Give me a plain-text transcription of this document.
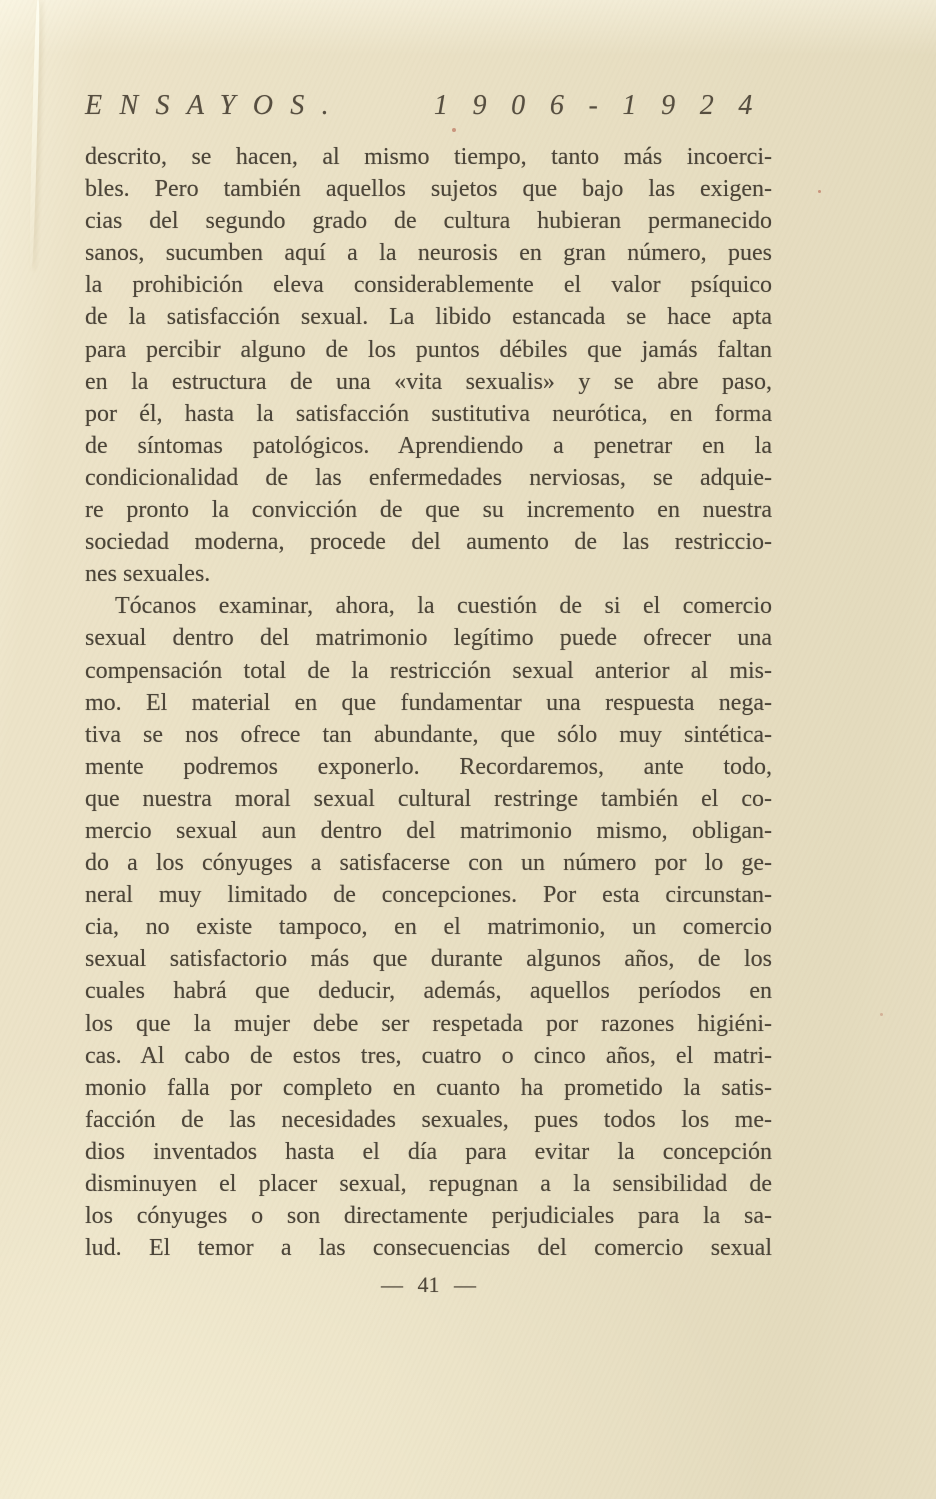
ENSAYOS.	1906-1924
descrito, se hacen, al mismo tiempo, tanto más incoerci-
bles. Pero también aquellos sujetos que bajo las exigen-
cias del segundo grado de cultura hubieran permanecido
sanos, sucumben aquí a la neurosis en gran número, pues
la prohibición eleva considerablemente el valor psíquico
de la satisfacción sexual. La libido estancada se hace apta
para percibir alguno de los puntos débiles que jamás faltan
en la estructura de una «vita sexualis» y se abre paso,
por él, hasta la satisfacción sustitutiva neurótica, en forma
de síntomas patológicos. Aprendiendo a penetrar en la
condicionalidad de las enfermedades nerviosas, se adquie-
re pronto la convicción de que su incremento en nuestra
sociedad moderna, procede del aumento de las restriccio-
nes sexuales.
Tócanos examinar, ahora, la cuestión de si el comercio
sexual dentro del matrimonio legítimo puede ofrecer una
compensación total de la restricción sexual anterior al mis-
mo. El material en que fundamentar una respuesta nega-
tiva se nos ofrece tan abundante, que sólo muy sintética-
mente podremos exponerlo. Recordaremos, ante todo,
que nuestra moral sexual cultural restringe también el co-
mercio sexual aun dentro del matrimonio mismo, obligan-
do a los cónyuges a satisfacerse con un número por lo ge-
neral muy limitado de concepciones. Por esta circunstan-
cia, no existe tampoco, en el matrimonio, un comercio
sexual satisfactorio más que durante algunos años, de los
cuales habrá que deducir, además, aquellos períodos en
los que la mujer debe ser respetada por razones higiéni-
cas. Al cabo de estos tres, cuatro o cinco años, el matri-
monio falla por completo en cuanto ha prometido la satis-
facción de las necesidades sexuales, pues todos los me-
dios inventados hasta el día para evitar la concepción
disminuyen el placer sexual, repugnan a la sensibilidad de
los cónyuges o son directamente perjudiciales para la sa-
lud. El temor a las consecuencias del comercio sexual
— 41 —
